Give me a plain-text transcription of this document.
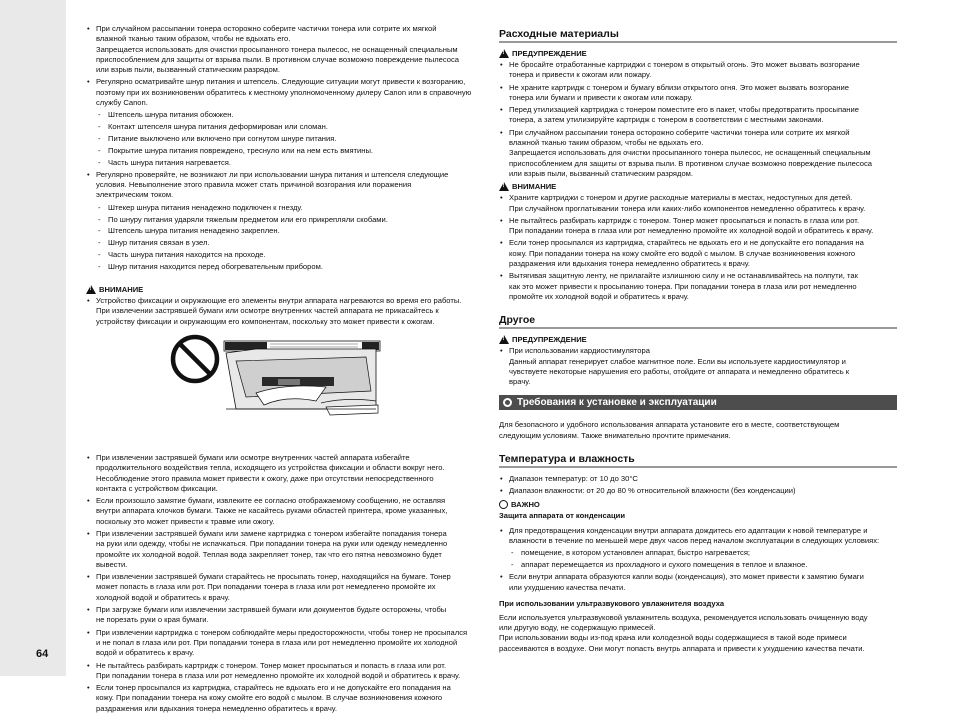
64
• При случайном рассыпании тонера осторожно соберите частички тонера или сотрите их мягкой
влажной тканью таким образом, чтобы не вдыхать его.
Запрещается использовать для очистки просыпанного тонера пылесос, не оснащенный специальным
приспособлением для защиты от взрыва пыли. В противном случае возможно повреждение пылесоса
или взрыв пыли, вызванный статическим разрядом.
• Регулярно осматривайте шнур питания и штепсель. Следующие ситуации могут привести к возгоранию,
поэтому при их возникновении обратитесь к местному уполномоченному дилеру Canon или в справочную
службу Canon.
- Штепсель шнура питания обожжен.
- Контакт штепселя шнура питания деформирован или сломан.
- Питание выключено или включено при согнутом шнуре питания.
- Покрытие шнура питания повреждено, треснуло или на нем есть вмятины.
- Часть шнура питания нагревается.
• Регулярно проверяйте, не возникают ли при использовании шнура питания и штепселя следующие
условия. Невыполнение этого правила может стать причиной возгорания или поражения
электрическим током.
- Штекер шнура питания ненадежно подключен к гнезду.
- По шнуру питания ударяли тяжелым предметом или его прикрепляли скобами.
- Штепсель шнура питания ненадежно закреплен.
- Шнур питания связан в узел.
- Часть шнура питания находится на проходе.
- Шнур питания находится перед обогревательным прибором.
!
ВНИМАНИЕ
• Устройство фиксации и окружающие его элементы внутри аппарата нагреваются во время его работы.
При извлечении застрявшей бумаги или осмотре внутренних частей аппарата не прикасайтесь к
устройству фиксации и окружающим его компонентам, поскольку это может привести к ожогам.
• При извлечении застрявшей бумаги или осмотре внутренних частей аппарата избегайте
продолжительного воздействия тепла, исходящего из устройства фиксации и области вокруг него.
Несоблюдение этого правила может привести к ожогу, даже при отсутствии непосредственного
контакта с устройством фиксации.
• Если произошло замятие бумаги, извлеките ее согласно отображаемому сообщению, не оставляя
внутри аппарата клочков бумаги. Также не касайтесь руками областей принтера, кроме указанных,
поскольку это может привести к травме или ожогу.
• При извлечении застрявшей бумаги или замене картриджа с тонером избегайте попадания тонера
на руки или одежду, чтобы не испачкаться. При попадании тонера на руки или одежду немедленно
промойте их холодной водой. Теплая вода закрепляет тонер, так что его пятна невозможно будет
вывести.
• При извлечении застрявшей бумаги старайтесь не просыпать тонер, находящийся на бумаге. Тонер
может попасть в глаза или рот. При попадании тонера в глаза или рот немедленно промойте их
холодной водой и обратитесь к врачу.
• При загрузке бумаги или извлечении застрявшей бумаги или документов будьте осторожны, чтобы
не порезать руки о края бумаги.
• При извлечении картриджа с тонером соблюдайте меры предосторожности, чтобы тонер не просыпался
и не попал в глаза или рот. При попадании тонера в глаза или рот немедленно промойте их холодной
водой и обратитесь к врачу.
• Не пытайтесь разбирать картридж с тонером. Тонер может просыпаться и попасть в глаза или рот.
При попадании тонера в глаза или рот немедленно промойте их холодной водой и обратитесь к врачу.
• Если тонер просыпался из картриджа, старайтесь не вдыхать его и не допускайте его попадания на
кожу. При попадании тонера на кожу смойте его водой с мылом. В случае возникновения кожного
раздражения или вдыхания тонера немедленно обратитесь к врачу.
Расходные материалы
!
ПРЕДУПРЕЖДЕНИЕ
• Не бросайте отработанные картриджи с тонером в открытый огонь. Это может вызвать возгорание
тонера и привести к ожогам или пожару.
• Не храните картридж с тонером и бумагу вблизи открытого огня. Это может вызвать возгорание
тонера или бумаги и привести к ожогам или пожару.
• Перед утилизацией картриджа с тонером поместите его в пакет, чтобы предотвратить просыпание
тонера, а затем утилизируйте картридж с тонером в соответствии с местными законами.
• При случайном рассыпании тонера осторожно соберите частички тонера или сотрите их мягкой
влажной тканью таким образом, чтобы не вдыхать его.
Запрещается использовать для очистки просыпанного тонера пылесос, не оснащенный специальным
приспособлением для защиты от взрыва пыли. В противном случае возможно повреждение пылесоса
или взрыв пыли, вызванный статическим разрядом.
!
ВНИМАНИЕ
• Храните картриджи с тонером и другие расходные материалы в местах, недоступных для детей.
При случайном проглатывании тонера или каких-либо компонентов немедленно обратитесь к врачу.
• Не пытайтесь разбирать картридж с тонером. Тонер может просыпаться и попасть в глаза или рот.
При попадании тонера в глаза или рот немедленно промойте их холодной водой и обратитесь к врачу.
• Если тонер просыпался из картриджа, старайтесь не вдыхать его и не допускайте его попадания на
кожу. При попадании тонера на кожу смойте его водой с мылом. В случае возникновения кожного
раздражения или вдыхания тонера немедленно обратитесь к врачу.
• Вытягивая защитную ленту, не прилагайте излишнюю силу и не останавливайтесь на полпути, так
как это может привести к просыпанию тонера. При попадании тонера в глаза или рот немедленно
промойте их холодной водой и обратитесь к врачу.
Другое
!
ПРЕДУПРЕЖДЕНИЕ
• При использовании кардиостимулятора
Данный аппарат генерирует слабое магнитное поле. Если вы используете кардиостимулятор и
чувствуете некоторые нарушения его работы, отойдите от аппарата и немедленно обратитесь к
врачу.
Требования к установке и эксплуатации
Для безопасного и удобного использования аппарата установите его в месте, соответствующем
следующим условиям. Также внимательно прочтите примечания.
Температура и влажность
• Диапазон температур: от 10 до 30°C
• Диапазон влажности: от 20 до 80 % относительной влажности (без конденсации)
ВАЖНО
Защита аппарата от конденсации
• Для предотвращения конденсации внутри аппарата дождитесь его адаптации к новой температуре и
влажности в течение по меньшей мере двух часов перед началом эксплуатации в следующих условиях:
- помещение, в котором установлен аппарат, быстро нагревается;
- аппарат перемещается из прохладного и сухого помещения в теплое и влажное.
• Если внутри аппарата образуются капли воды (конденсация), это может привести к замятию бумаги
или ухудшению качества печати.
При использовании ультразвукового увлажнителя воздуха
Если используется ультразвуковой увлажнитель воздуха, рекомендуется использовать очищенную воду
или другую воду, не содержащую примесей.
При использовании воды из-под крана или колодезной воды содержащиеся в такой воде примеси
рассеиваются в воздухе. Они могут попасть внутрь аппарата и привести к ухудшению качества печати.
